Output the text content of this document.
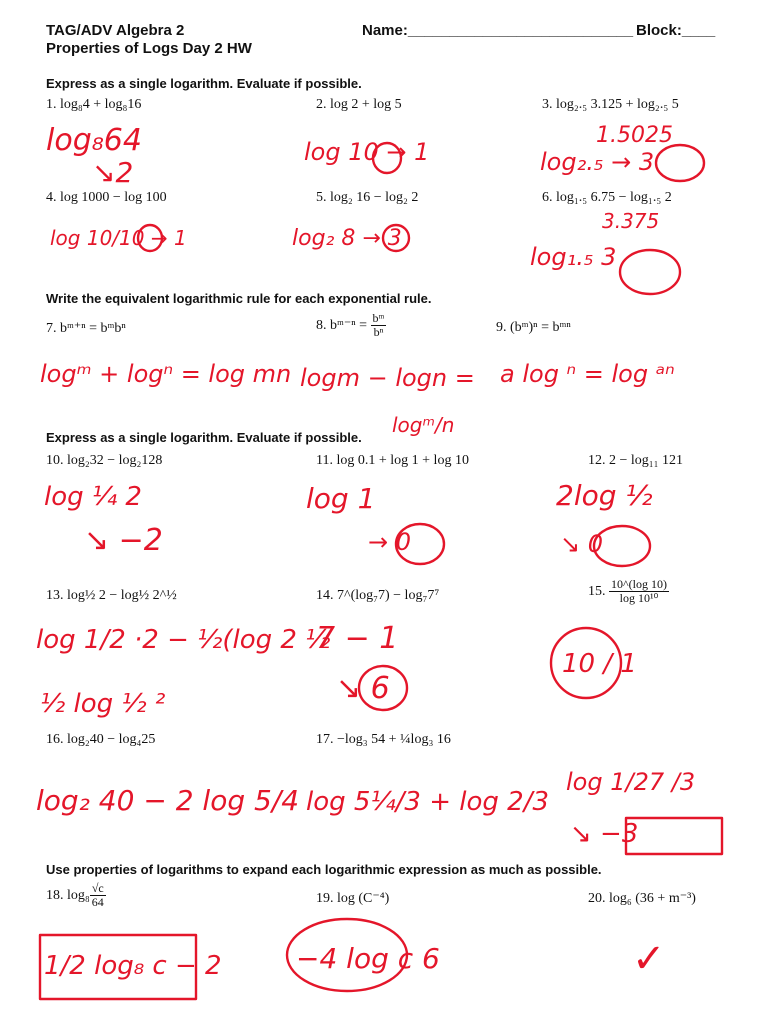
TAG/ADV Algebra 2
Properties of Logs Day 2 HW
Name:___________________________ Block:____
Express as a single logarithm. Evaluate if possible.
Write the equivalent logarithmic rule for each exponential rule.
Express as a single logarithm. Evaluate if possible.
Use properties of logarithms to expand each logarithmic expression as much as possible.
1. log₈4 + log₈16	2. log 2 + log 5	3. log₂.₅ 3.125 + log₂.₅ 5
4. log 1000 − log 100	5. log₂ 16 − log₂ 2	6. log₁.₅ 6.75 − log₁.₅ 2
7. bᵐ⁺ⁿ = bᵐbⁿ	8. bᵐ⁻ⁿ = $\frac{\text{bᵐ}}{\text{bⁿ}}$	9. (bᵐ)ⁿ = bᵐⁿ
10. log₂32 − log₂128	11. log 0.1 + log 1 + log 10	12. 2 − log₁₁ 121
13. log½ 2 − log½ 2^½	14. 7^(log₇7) − log₇7⁷	15. $\frac{10\^{}(\log 10)}{\text{log 10¹⁰}}$
16. log₂40 − log₄25	17. −log₃ 54 + ¼log₃ 16
18. $\log_8 \frac{√c}{64}$	19. log (C⁻⁴)	20. log₆ (36 + m⁻³)
log₈64
↘2
log 10 → 1
1.5025
log₂.₅ → 3
log 10/10 → 1	log₂ 8 → 3
3.375
log₁.₅ 3
logᵐ + logⁿ = log mn logm − logn =
logᵐ/n
a log ⁿ = log ᵃⁿ
log ¼ 2
↘ −2
log 1
→ 0
2log ½
↘ 0
log 1/2 ·2 − ½(log 2 ½
½ log ½ ²
7 − 1
↘ 6
10 / 1
log₂ 40 − 2 log 5/4 log 5¼/3 + log 2/3
log 1/27 /3
↘ −3
1/2 log₈ c − 2	−4 log c 6	✓
